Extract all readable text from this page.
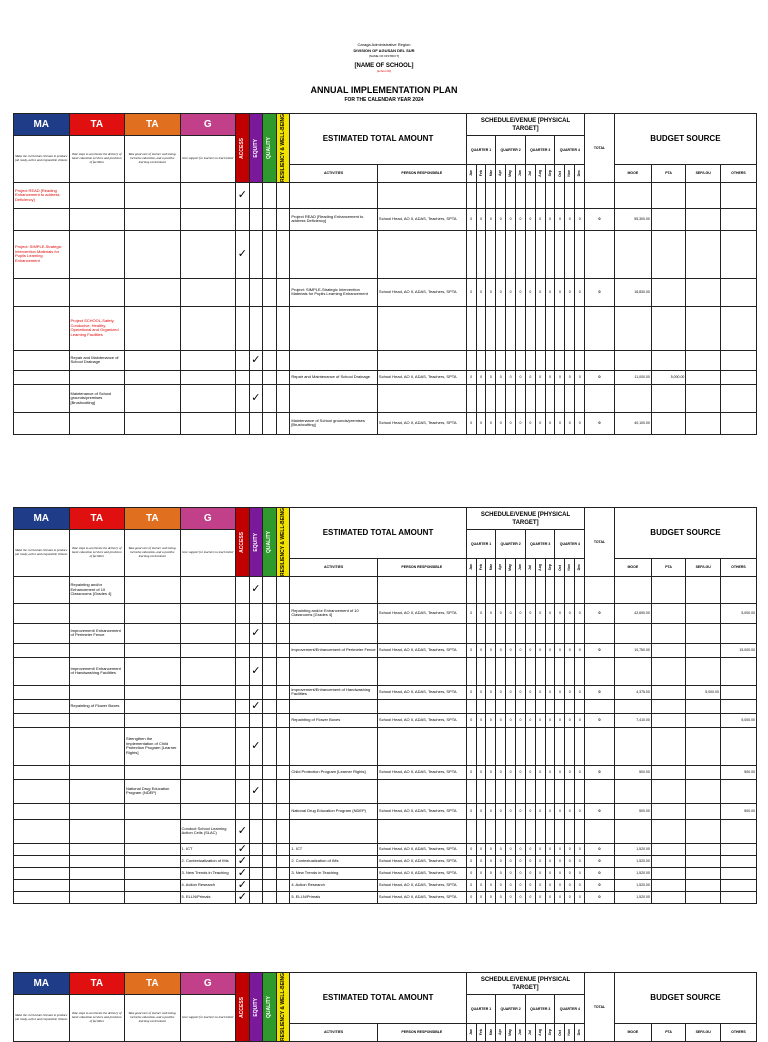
Caraga Administrative Region
DIVISION OF AGUSAN DEL SUR
[NAME OF DISTRICT]
[NAME OF SCHOOL]
[school ID]
ANNUAL IMPLEMENTATION PLAN
FOR THE CALENDAR YEAR 2024
MA	TA	TA	G	ACCESS	EQUITY	QUALITY	RESILIENCY & WELL-BEING	ESTIMATED TOTAL AMOUNT		SCHEDULE/VENUE [PHYSICAL TARGET]												TOTAL	BUDGET SOURCE			
Make the curriculum relevant to produce job ready, active and responsible citizens	Take steps to accelerate the delivery of basic education services and provision of facilities	Take good care of learner well-being, inclusive education, and a positive learning environment	Give support for teachers to teach better							QUARTER 1			QUARTER 2			QUARTER 3			QUARTER 4							
								ACTIVITIES	PERSON RESPONSIBLE	Jan	Feb	Mar	Apr	May	Jun	Jul	Aug	Sep	Oct	Nov	Dec		MOOE	PTA	SEF/LGU	OTHERS
Project READ [Reading Enhancement to address Deficiency]				✓																						
								Project READ [Reading Enhancement to address Deficiency]	School Head, AO II, ADAS, Teachers, SPTA	0	0	0	0	0	0	0	0	0	0	0	0	0	55,300.00			
Project: SIMPLE-Strategic Intervention Materials for Pupils Learning Enhancement				✓																						
								Project: SIMPLE-Strategic Intervention Materials for Pupils Learning Enhancement	School Head, AO II, ADAS, Teachers, SPTA	0	0	0	0	0	0	0	0	0	0	0	0	0	16,830.00			
	Project SCHOOL-Safety, Conducive, Healthy, Operational and Organized Learning Facilities																									
	Repair and Maintenance of School Drainage				✓																					
								Repair and Maintenance of School Drainage	School Head, AO II, ADAS, Teachers, SPTA	0	0	0	0	0	0	0	0	0	0	0	0	0	11,000.00	5,000.00		
	Maintenance of School grounds/premises [Brushcutting]				✓																					
								Maintenance of School grounds/premises [Brushcutting]	School Head, AO II, ADAS, Teachers, SPTA	0	0	0	0	0	0	0	0	0	0	0	0	0	40,100.00			
MA	TA	TA	G	ACCESS	EQUITY	QUALITY	RESILIENCY & WELL-BEING	ESTIMATED TOTAL AMOUNT		SCHEDULE/VENUE [PHYSICAL TARGET]												TOTAL	BUDGET SOURCE			
Make the curriculum relevant to produce job ready, active and responsible citizens	Take steps to accelerate the delivery of basic education services and provision of facilities	Take good care of learner well-being, inclusive education, and a positive learning environment	Give support for teachers to teach better							QUARTER 1			QUARTER 2			QUARTER 3			QUARTER 4							
								ACTIVITIES	PERSON RESPONSIBLE	Jan	Feb	Mar	Apr	May	Jun	Jul	Aug	Sep	Oct	Nov	Dec		MOOE	PTA	SEF/LGU	OTHERS
	Repainting and/or Enhancement of 10 Classrooms [Grades 4]				✓																					
								Repainting and/or Enhancement of 10 Classrooms [Grades 4]	School Head, AO II, ADAS, Teachers, SPTA	0	0	0	0	0	0	0	0	0	0	0	0	0	42,690.00			5,000.00
	Improvement/ Enhancement of Perimeter Fence				✓																					
								Improvement/Enhancement of Perimeter Fence	School Head, AO II, ADAS, Teachers, SPTA	0	0	0	0	0	0	0	0	0	0	0	0	0	10,750.00			15,000.00
	Improvement/ Enhancement of Handwashing Facilities				✓																					
								Improvement/Enhancement of Handwashing Facilities	School Head, AO II, ADAS, Teachers, SPTA	0	0	0	0	0	0	0	0	0	0	0	0	0	4,375.00		5,000.00	
	Repainting of Flower Boxes				✓																					
								Repainting of Flower Boxes	School Head, AO II, ADAS, Teachers, SPTA	0	0	0	0	0	0	0	0	0	0	0	0	0	7,410.00			5,000.00
		Strengthen the Implementation of Child Protection Program [Learner Rights]			✓																					
								Child Protection Program [Learner Rights]	School Head, AO II, ADAS, Teachers, SPTA	0	0	0	0	0	0	0	0	0	0	0	0	0	500.00			500.00
		National Drug Education Program (NDEP)			✓																					
								National Drug Education Program (NDEP)	School Head, AO II, ADAS, Teachers, SPTA	0	0	0	0	0	0	0	0	0	0	0	0	0	500.00			500.00
			Conduct School Learning Action Cells (SLAC)	✓																						
			1. ICT	✓				1. ICT	School Head, AO II, ADAS, Teachers, SPTA	0	0	0	0	0	0	0	0	0	0	0	0	0	1,520.00			
			2. Contextualization of IMs	✓				2. Contextualization of IMs	School Head, AO II, ADAS, Teachers, SPTA	0	0	0	0	0	0	0	0	0	0	0	0	0	1,520.00			
			3. New Trends in Teaching	✓				3. New Trends in Teaching	School Head, AO II, ADAS, Teachers, SPTA	0	0	0	0	0	0	0	0	0	0	0	0	0	1,520.00			
			4. Action Research	✓				4. Action Research	School Head, AO II, ADAS, Teachers, SPTA	0	0	0	0	0	0	0	0	0	0	0	0	0	1,520.00			
			5. ELLN/Primals	✓				5. ELLN/Primals	School Head, AO II, ADAS, Teachers, SPTA	0	0	0	0	0	0	0	0	0	0	0	0	0	1,520.00			
MA	TA	TA	G	ACCESS	EQUITY	QUALITY	RESILIENCY & WELL-BEING	ESTIMATED TOTAL AMOUNT		SCHEDULE/VENUE [PHYSICAL TARGET]												TOTAL	BUDGET SOURCE			
Make the curriculum relevant to produce job ready, active and responsible citizens	Take steps to accelerate the delivery of basic education services and provision of facilities	Take good care of learner well-being, inclusive education, and a positive learning environment	Give support for teachers to teach better							QUARTER 1			QUARTER 2			QUARTER 3			QUARTER 4							
								ACTIVITIES	PERSON RESPONSIBLE	Jan	Feb	Mar	Apr	May	Jun	Jul	Aug	Sep	Oct	Nov	Dec		MOOE	PTA	SEF/LGU	OTHERS
